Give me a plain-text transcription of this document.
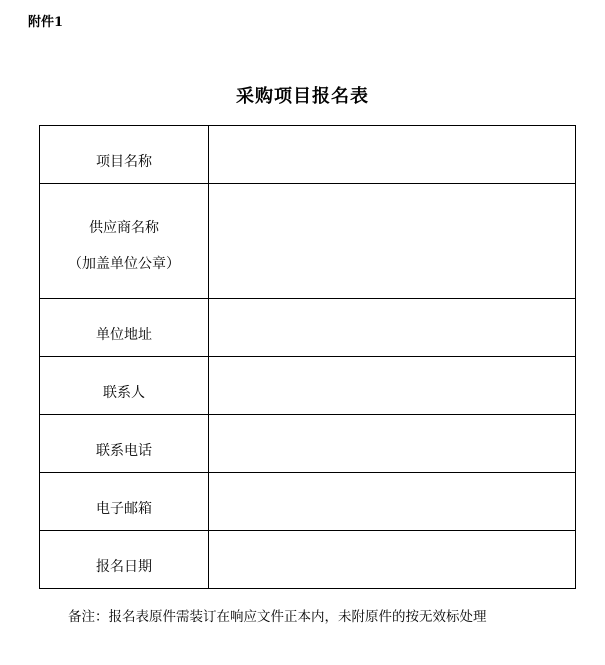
附件1
采购项目报名表
项目名称	

供应商名称
（加盖单位公章）	

单位地址	

联系人	

联系电话	

电子邮箱	

报名日期	

备注：报名表原件需装订在响应文件正本内，未附原件的按无效标处理
